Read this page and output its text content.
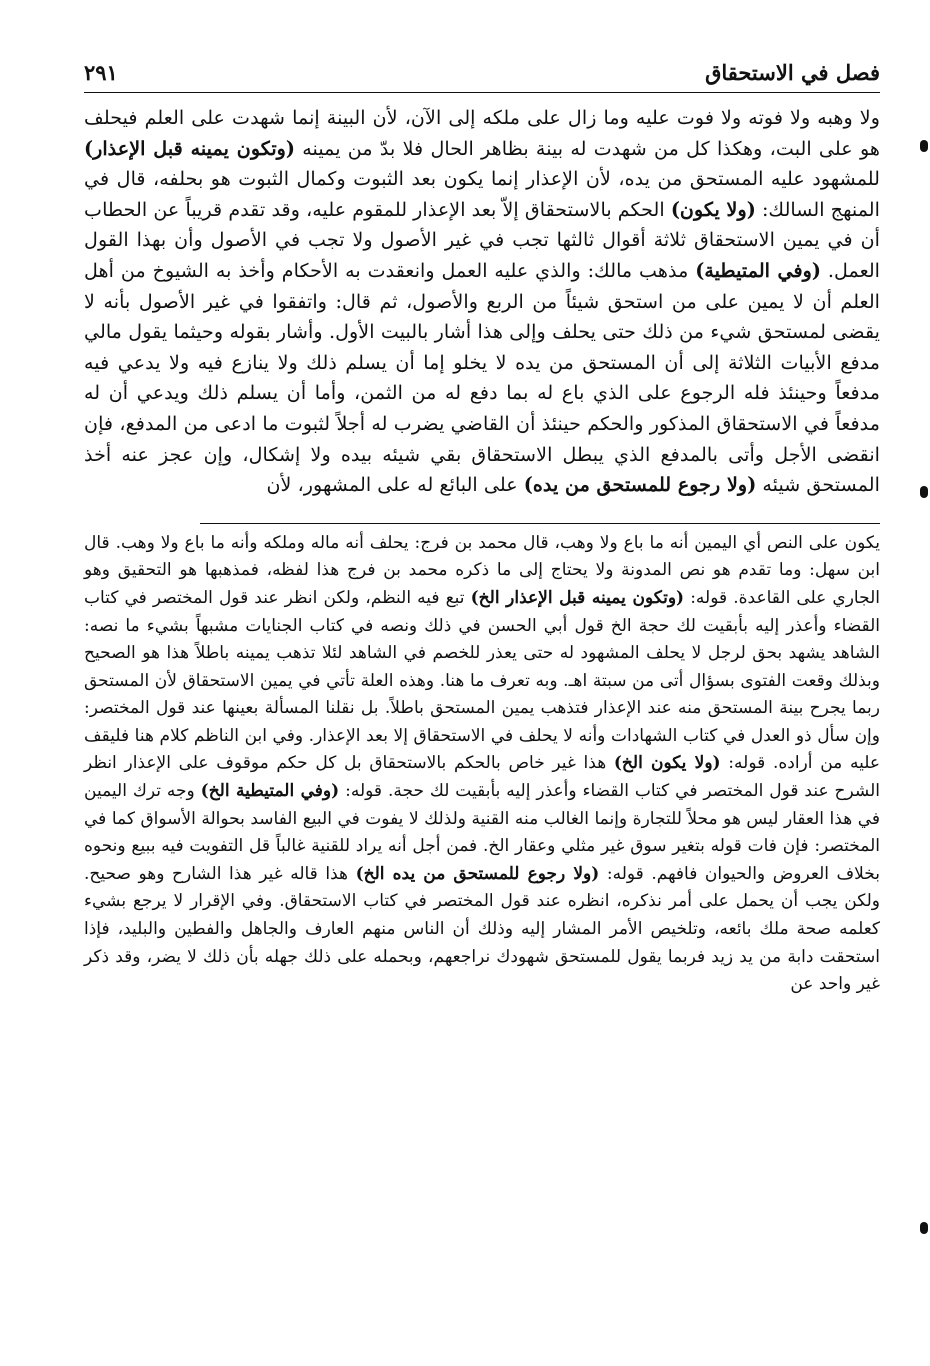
فصل في الاستحقاق
٢٩١

ولا وهبه ولا فوته ولا فوت عليه وما زال على ملكه إلى الآن، لأن البينة إنما شهدت على العلم فيحلف هو على البت، وهكذا كل من شهدت له بينة بظاهر الحال فلا بدّ من يمينه (وتكون يمينه قبل الإعذار) للمشهود عليه المستحق من يده، لأن الإعذار إنما يكون بعد الثبوت وكمال الثبوت هو بحلفه، قال في المنهج السالك: (ولا يكون) الحكم بالاستحقاق إلاّ بعد الإعذار للمقوم عليه، وقد تقدم قريباً عن الحطاب أن في يمين الاستحقاق ثلاثة أقوال ثالثها تجب في غير الأصول ولا تجب في الأصول وأن بهذا القول العمل. (وفي المتيطية) مذهب مالك: والذي عليه العمل وانعقدت به الأحكام وأخذ به الشيوخ من أهل العلم أن لا يمين على من استحق شيئاً من الربع والأصول، ثم قال: واتفقوا في غير الأصول بأنه لا يقضى لمستحق شيء من ذلك حتى يحلف وإلى هذا أشار بالبيت الأول. وأشار بقوله وحيثما يقول مالي مدفع الأبيات الثلاثة إلى أن المستحق من يده لا يخلو إما أن يسلم ذلك ولا ينازع فيه ولا يدعي فيه مدفعاً وحينئذ فله الرجوع على الذي باع له بما دفع له من الثمن، وأما أن يسلم ذلك ويدعي أن له مدفعاً في الاستحقاق المذكور والحكم حينئذ أن القاضي يضرب له أجلاً لثبوت ما ادعى من المدفع، فإن انقضى الأجل وأتى بالمدفع الذي يبطل الاستحقاق بقي شيئه بيده ولا إشكال، وإن عجز عنه أخذ المستحق شيئه (ولا رجوع للمستحق من يده) على البائع له على المشهور، لأن

يكون على النص أي اليمين أنه ما باع ولا وهب، قال محمد بن فرج: يحلف أنه ماله وملكه وأنه ما باع ولا وهب. قال ابن سهل: وما تقدم هو نص المدونة ولا يحتاج إلى ما ذكره محمد بن فرج هذا لفظه، فمذهبها هو التحقيق وهو الجاري على القاعدة. قوله: (وتكون يمينه قبل الإعذار الخ) تبع فيه النظم، ولكن انظر عند قول المختصر في كتاب القضاء وأعذر إليه بأبقيت لك حجة الخ قول أبي الحسن في ذلك ونصه في كتاب الجنايات مشبهاً بشيء ما نصه: الشاهد يشهد بحق لرجل لا يحلف المشهود له حتى يعذر للخصم في الشاهد لئلا تذهب يمينه باطلاً هذا هو الصحيح وبذلك وقعت الفتوى بسؤال أتى من سبتة اهـ. وبه تعرف ما هنا. وهذه العلة تأتي في يمين الاستحقاق لأن المستحق ربما يجرح بينة المستحق منه عند الإعذار فتذهب يمين المستحق باطلاً. بل نقلنا المسألة بعينها عند قول المختصر: وإن سأل ذو العدل في كتاب الشهادات وأنه لا يحلف في الاستحقاق إلا بعد الإعذار. وفي ابن الناظم كلام هنا فليقف عليه من أراده. قوله: (ولا يكون الخ) هذا غير خاص بالحكم بالاستحقاق بل كل حكم موقوف على الإعذار انظر الشرح عند قول المختصر في كتاب القضاء وأعذر إليه بأبقيت لك حجة. قوله: (وفي المتيطية الخ) وجه ترك اليمين في هذا العقار ليس هو محلاً للتجارة وإنما الغالب منه القنية ولذلك لا يفوت في البيع الفاسد بحوالة الأسواق كما في المختصر: فإن فات قوله بتغير سوق غير مثلي وعقار الخ. فمن أجل أنه يراد للقنية غالباً قل التفويت فيه ببيع ونحوه بخلاف العروض والحيوان فافهم. قوله: (ولا رجوع للمستحق من يده الخ) هذا قاله غير هذا الشارح وهو صحيح. ولكن يجب أن يحمل على أمر نذكره، انظره عند قول المختصر في كتاب الاستحقاق. وفي الإقرار لا يرجع بشيء كعلمه صحة ملك بائعه، وتلخيص الأمر المشار إليه وذلك أن الناس منهم العارف والجاهل والفطين والبليد، فإذا استحقت دابة من يد زيد فربما يقول للمستحق شهودك نراجعهم، وبحمله على ذلك جهله بأن ذلك لا يضر، وقد ذكر غير واحد عن
